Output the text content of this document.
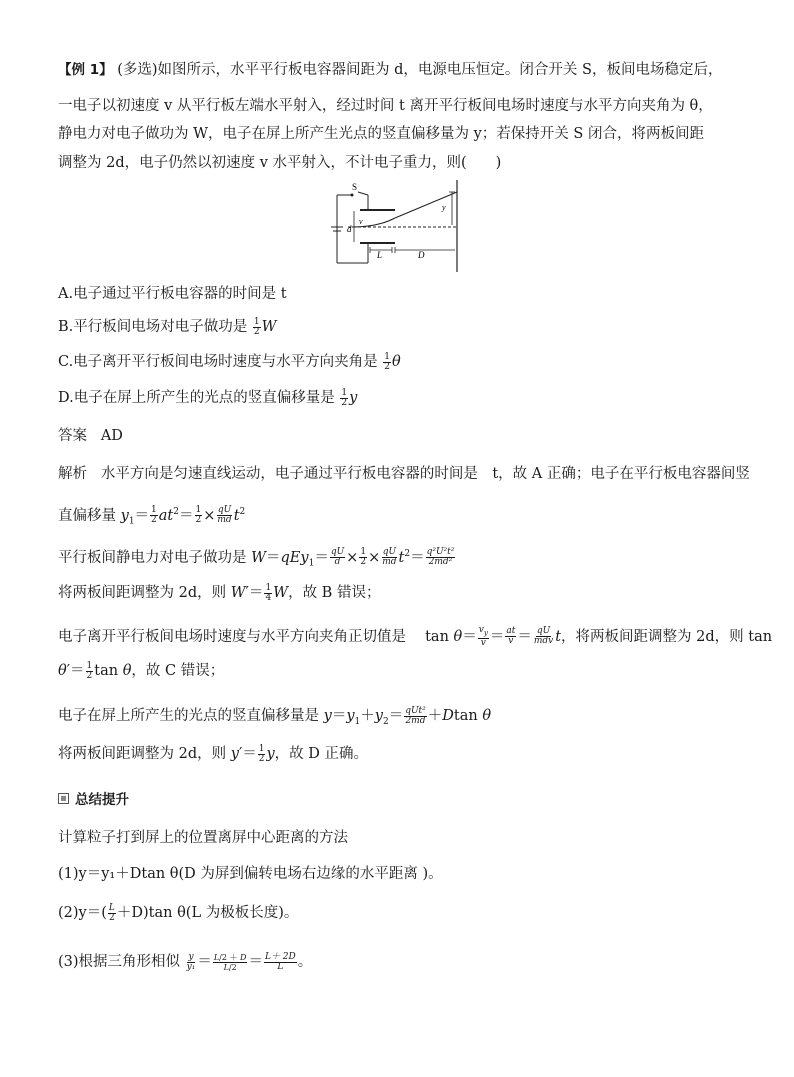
【例 1】 (多选)如图所示，水平平行板电容器间距为 d，电源电压恒定。闭合开关 S，板间电场稳定后，
一电子以初速度 v 从平行板左端水平射入，经过时间 t 离开平行板间电场时速度与水平方向夹角为 θ，
静电力对电子做功为 W，电子在屏上所产生光点的竖直偏移量为 y；若保持开关 S 闭合，将两板间距
调整为 2d，电子仍然以初速度 v 水平射入，不计电子重力，则(　　)
S
d
v
y
L	D
A.电子通过平行板电容器的时间是 t
B.平行板间电场对电子做功是 $\frac{1}{2}$ W
C.电子离开平行板间电场时速度与水平方向夹角是 $\frac{1}{2}$ θ
D.电子在屏上所产生的光点的竖直偏移量是 $\frac{1}{2}$ y
答案 AD
解析 水平方向是匀速直线运动，电子通过平行板电容器的时间是　t，故 A 正确；电子在平行板电容器间竖
直偏移量 $y_1= \frac{1}{2} at^2= \frac{1}{2} \times \frac{qU}{md} t^2$
平行板间静电力对电子做功是 $W=qEy_1= \frac{qU}{d} \times \frac{1}{2} \times \frac{qU}{md} t^2= \frac{\text{q²U²t²}}{\text{2md²}}$
将两板间距调整为 2d，则 $W'= \frac{1}{4}$ W，故 B 错误；
电子离开平行板间电场时速度与水平方向夹角正切值是　 $\tan \theta= \frac{v_y}{v} = \frac{at}{v} = \frac{qU}{\text{mdv}}$ t，将两板间距调整为 2d，则 tan
$\theta'= \frac{1}{2}$ tan θ，故 C 错误；
电子在屏上所产生的光点的竖直偏移量是 $y=y_1+y_2= \frac{\text{qUt²}}{2md} +Dtan$ θ
将两板间距调整为 2d，则 $y'= \frac{1}{2}$ y，故 D 正确。
总结提升
计算粒子打到屏上的位置离屏中心距离的方法
(1)y＝y₁＋Dtan θ(D 为屏到偏转电场右边缘的水平距离 )。
$(2)y=( \frac{L}{2} +D)\tan$ θ(L 为极板长度)。
(3)根据三角形相似 $\frac{y}{\text{y₁}} = \frac{L/2 + D}{L/2} = \frac{L+ 2D}{L}$ 。
